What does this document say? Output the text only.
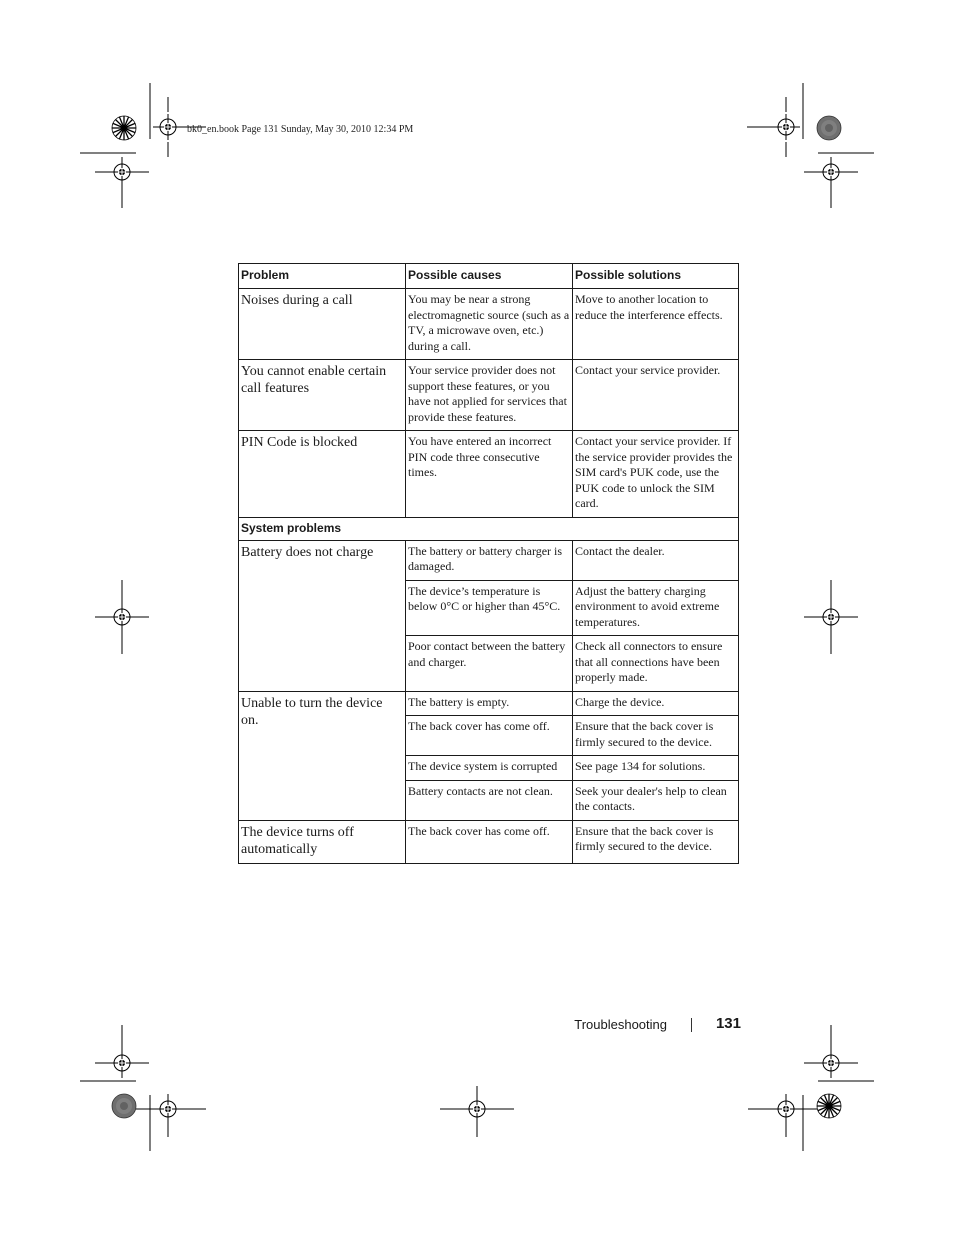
bk0_en.book Page 131 Sunday, May 30, 2010 12:34 PM
Problem	Possible causes	Possible solutions
Noises during a call	You may be near a strong electromagnetic source (such as a TV, a microwave oven, etc.) during a call.	Move to another location to reduce the interference effects.
You cannot enable certain call features	Your service provider does not support these features, or you have not applied for services that provide these features.	Contact your service provider.
PIN Code is blocked	You have entered an incorrect PIN code three consecutive times.	Contact your service provider. If the service provider provides the SIM card's PUK code, use the PUK code to unlock the SIM card.
System problems		
Battery does not charge	The battery or battery charger is damaged.	Contact the dealer.
	The device’s temperature is below 0°C or higher than 45°C.	Adjust the battery charging environment to avoid extreme temperatures.
	Poor contact between the battery and charger.	Check all connectors to ensure that all connections have been properly made.
Unable to turn the device on.	The battery is empty.	Charge the device.
	The back cover has come off.	Ensure that the back cover is firmly secured to the device.
	The device system is corrupted	See page 134 for solutions.
	Battery contacts are not clean.	Seek your dealer's help to clean the contacts.
The device turns off automatically	The back cover has come off.	Ensure that the back cover is firmly secured to the device.
Troubleshooting	131
